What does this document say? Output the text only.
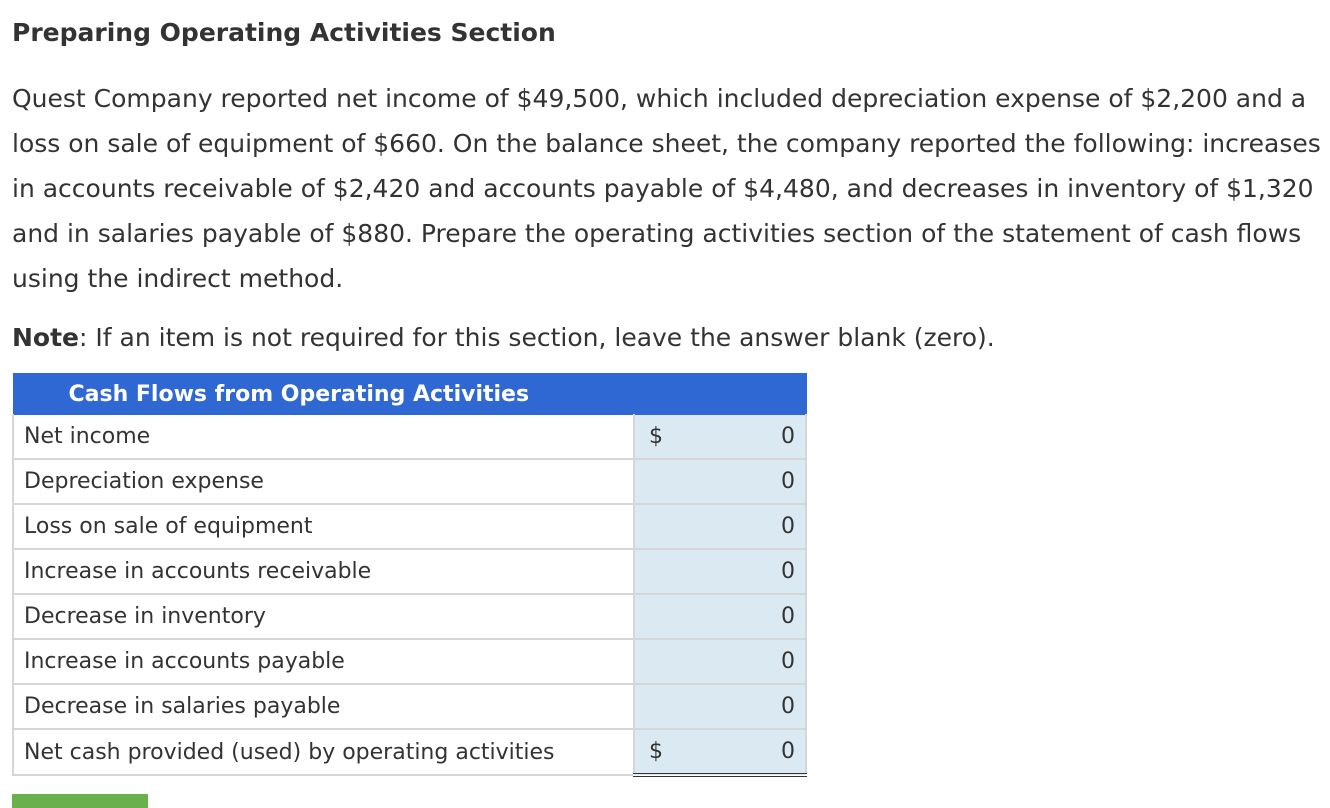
Preparing Operating Activities Section

Quest Company reported net income of $49,500, which included depreciation expense of $2,200 and a loss on sale of equipment of $660. On the balance sheet, the company reported the following: increases in accounts receivable of $2,420 and accounts payable of $4,480, and decreases in inventory of $1,320 and in salaries payable of $880. Prepare the operating activities section of the statement of cash flows using the indirect method.

Note: If an item is not required for this section, leave the answer blank (zero).
Cash Flows from Operating Activities		
Net income	$	0
Depreciation expense		0
Loss on sale of equipment		0
Increase in accounts receivable		0
Decrease in inventory		0
Increase in accounts payable		0
Decrease in salaries payable		0
Net cash provided (used) by operating activities	$	0
